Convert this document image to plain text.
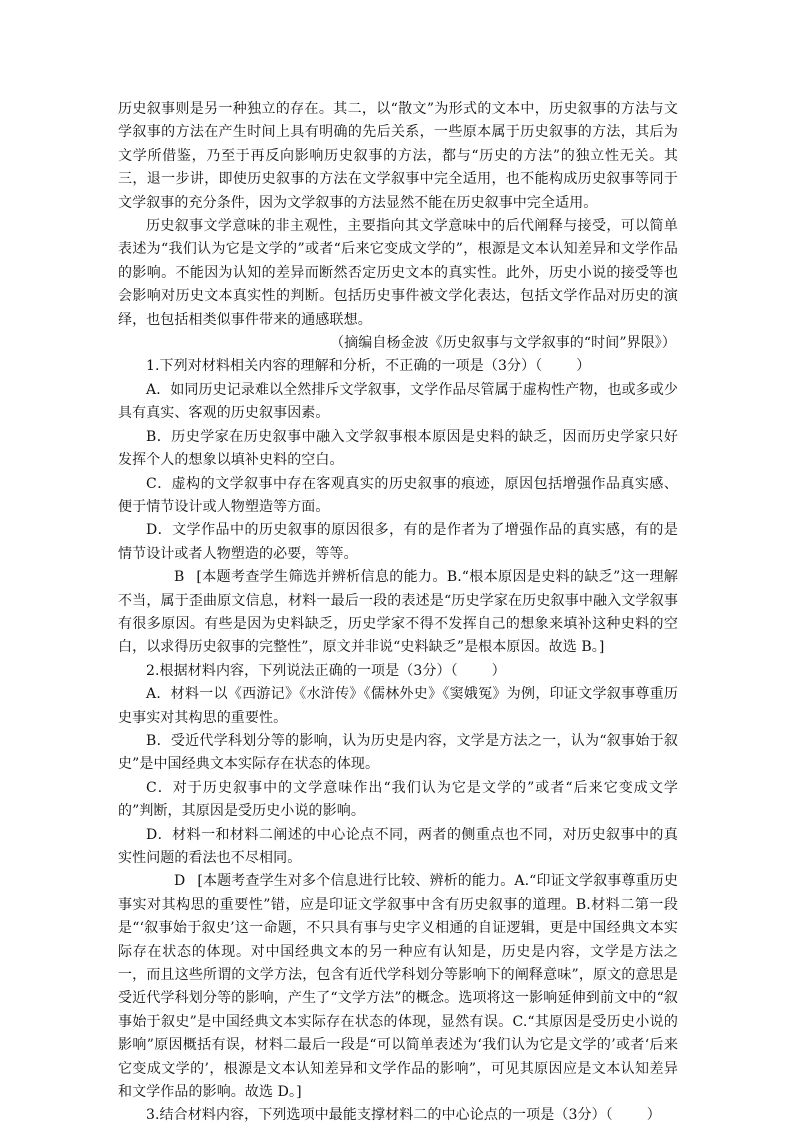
历史叙事则是另一种独立的存在。其二，以“散文”为形式的文本中，历史叙事的方法与文学叙事的方法在产生时间上具有明确的先后关系，一些原本属于历史叙事的方法，其后为文学所借鉴，乃至于再反向影响历史叙事的方法，都与“历史的方法”的独立性无关。其三，退一步讲，即使历史叙事的方法在文学叙事中完全适用，也不能构成历史叙事等同于文学叙事的充分条件，因为文学叙事的方法显然不能在历史叙事中完全适用。

历史叙事文学意味的非主观性，主要指向其文学意味中的后代阐释与接受，可以简单表述为“我们认为它是文学的”或者“后来它变成文学的”，根源是文本认知差异和文学作品的影响。不能因为认知的差异而断然否定历史文本的真实性。此外，历史小说的接受等也会影响对历史文本真实性的判断。包括历史事件被文学化表达，包括文学作品对历史的演绎，也包括相类似事件带来的通感联想。

（摘编自杨金波《历史叙事与文学叙事的“时间”界限》）

1.下列对材料相关内容的理解和分析，不正确的一项是（3分）（ ）

A．如同历史记录难以全然排斥文学叙事，文学作品尽管属于虚构性产物，也或多或少具有真实、客观的历史叙事因素。

B．历史学家在历史叙事中融入文学叙事根本原因是史料的缺乏，因而历史学家只好发挥个人的想象以填补史料的空白。

C．虚构的文学叙事中存在客观真实的历史叙事的痕迹，原因包括增强作品真实感、便于情节设计或人物塑造等方面。

D．文学作品中的历史叙事的原因很多，有的是作者为了增强作品的真实感，有的是情节设计或者人物塑造的必要，等等。

B [本题考查学生筛选并辨析信息的能力。B.“根本原因是史料的缺乏”这一理解不当，属于歪曲原文信息，材料一最后一段的表述是“历史学家在历史叙事中融入文学叙事有很多原因。有些是因为史料缺乏，历史学家不得不发挥自己的想象来填补这种史料的空白，以求得历史叙事的完整性”，原文并非说“史料缺乏”是根本原因。故选 B。]

2.根据材料内容，下列说法正确的一项是（3分）（ ）

A．材料一以《西游记》《水浒传》《儒林外史》《窦娥冤》为例，印证文学叙事尊重历史事实对其构思的重要性。

B．受近代学科划分等的影响，认为历史是内容，文学是方法之一，认为“叙事始于叙史”是中国经典文本实际存在状态的体现。

C．对于历史叙事中的文学意味作出“我们认为它是文学的”或者“后来它变成文学的”判断，其原因是受历史小说的影响。

D．材料一和材料二阐述的中心论点不同，两者的侧重点也不同，对历史叙事中的真实性问题的看法也不尽相同。

D [本题考查学生对多个信息进行比较、辨析的能力。A.“印证文学叙事尊重历史事实对其构思的重要性”错，应是印证文学叙事中含有历史叙事的道理。B.材料二第一段是“‘叙事始于叙史’这一命题，不只具有事与史字义相通的自证逻辑，更是中国经典文本实际存在状态的体现。对中国经典文本的另一种应有认知是，历史是内容，文学是方法之一，而且这些所谓的文学方法，包含有近代学科划分等影响下的阐释意味”，原文的意思是受近代学科划分等的影响，产生了“文学方法”的概念。选项将这一影响延伸到前文中的“叙事始于叙史”是中国经典文本实际存在状态的体现，显然有误。C.“其原因是受历史小说的影响”原因概括有误，材料二最后一段是“可以简单表述为‘我们认为它是文学的’或者‘后来它变成文学的’，根源是文本认知差异和文学作品的影响”，可见其原因应是文本认知差异和文学作品的影响。故选 D。]

3.结合材料内容，下列选项中最能支撑材料二的中心论点的一项是（3分）（ ）
